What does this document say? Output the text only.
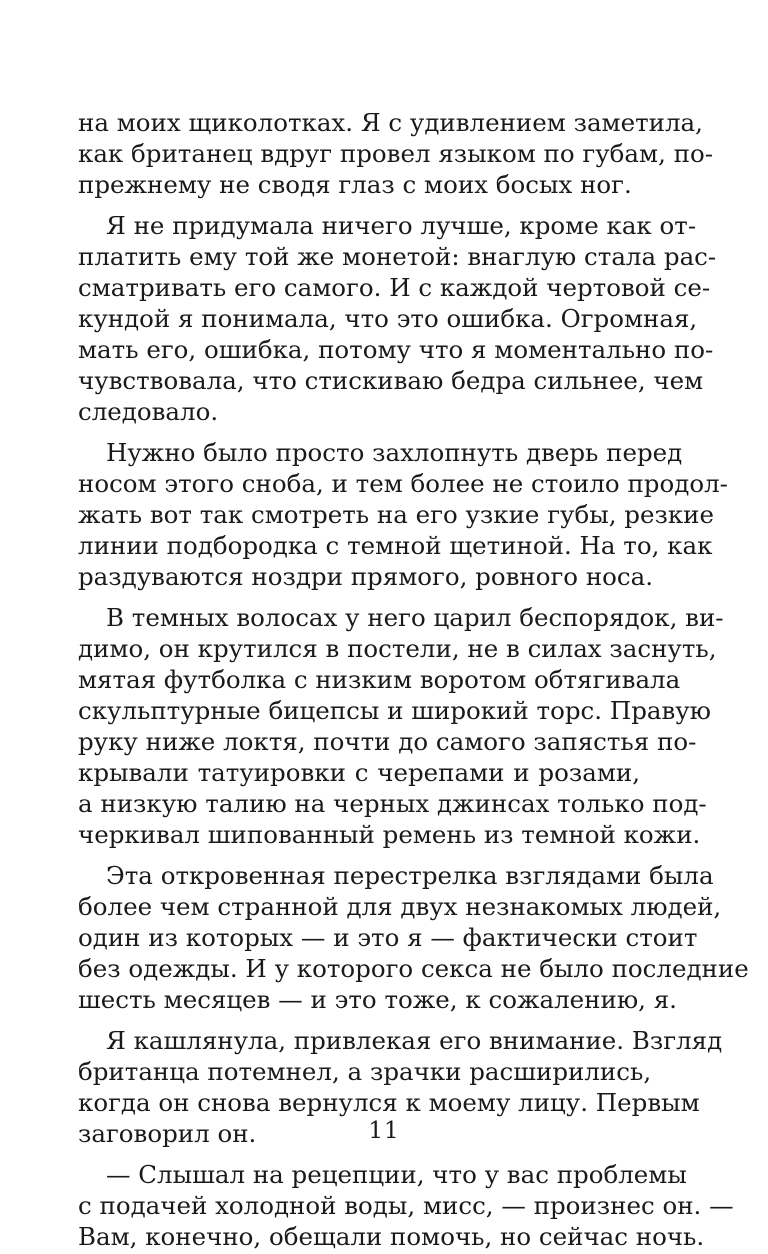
на моих щиколотках. Я с удивлением заметила,
как британец вдруг провел языком по губам, по-
прежнему не сводя глаз с моих босых ног.
Я не придумала ничего лучше, кроме как от-
платить ему той же монетой: внаглую стала рас-
сматривать его самого. И с каждой чертовой се-
кундой я понимала, что это ошибка. Огромная,
мать его, ошибка, потому что я моментально по-
чувствовала, что стискиваю бедра сильнее, чем
следовало.
Нужно было просто захлопнуть дверь перед
носом этого сноба, и тем более не стоило продол-
жать вот так смотреть на его узкие губы, резкие
линии подбородка с темной щетиной. На то, как
раздуваются ноздри прямого, ровного носа.
В темных волосах у него царил беспорядок, ви-
димо, он крутился в постели, не в силах заснуть,
мятая футболка с низким воротом обтягивала
скульптурные бицепсы и широкий торс. Правую
руку ниже локтя, почти до самого запястья по-
крывали татуировки с черепами и розами,
а низкую талию на черных джинсах только под-
черкивал шипованный ремень из темной кожи.
Эта откровенная перестрелка взглядами была
более чем странной для двух незнакомых людей,
один из которых — и это я — фактически стоит
без одежды. И у которого секса не было последние
шесть месяцев — и это тоже, к сожалению, я.
Я кашлянула, привлекая его внимание. Взгляд
британца потемнел, а зрачки расширились,
когда он снова вернулся к моему лицу. Первым
заговорил он.
— Слышал на рецепции, что у вас проблемы
с подачей холодной воды, мисс, — произнес он. —
Вам, конечно, обещали помочь, но сейчас ночь.
11
